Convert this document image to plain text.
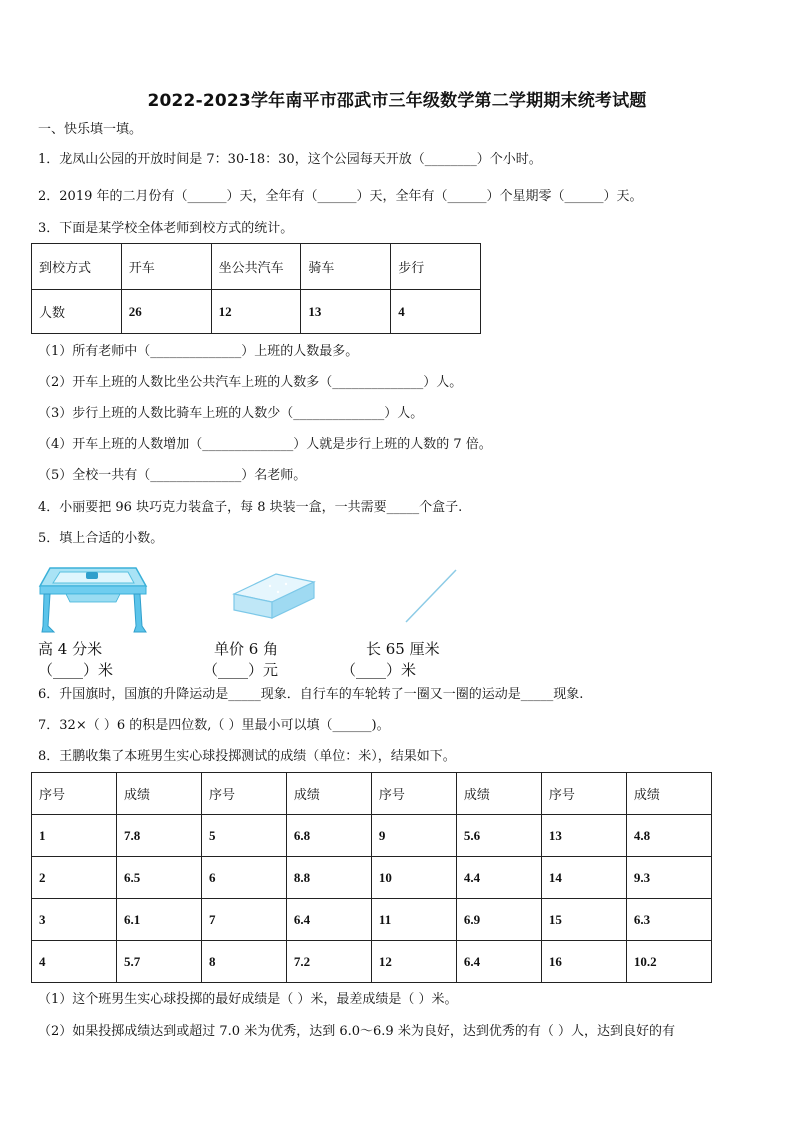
2022-2023学年南平市邵武市三年级数学第二学期期末统考试题
一、快乐填一填。
1．龙凤山公园的开放时间是 7：30-18：30，这个公园每天开放（________）个小时。
2．2019 年的二月份有（______）天，全年有（______）天，全年有（______）个星期零（______）天。
3．下面是某学校全体老师到校方式的统计。
到校方式	开车	坐公共汽车	骑车	步行
人数	26	12	13	4
（1）所有老师中（______________）上班的人数最多。
（2）开车上班的人数比坐公共汽车上班的人数多（______________）人。
（3）步行上班的人数比骑车上班的人数少（______________）人。
（4）开车上班的人数增加（______________）人就是步行上班的人数的 7 倍。
（5）全校一共有（______________）名老师。
4．小丽要把 96 块巧克力装盒子，每 8 块装一盒，一共需要_____个盒子.
5．填上合适的小数。
高 4 分米	单价 6 角	长 65 厘米
（____）米	（____）元	（____）米
6．升国旗时，国旗的升降运动是_____现象．自行车的车轮转了一圈又一圈的运动是_____现象.
7．32×（ ）6 的积是四位数,（ ）里最小可以填（______)。
8．王鹏收集了本班男生实心球投掷测试的成绩（单位：米），结果如下。
序号	成绩	序号	成绩	序号	成绩	序号	成绩
1	7.8	5	6.8	9	5.6	13	4.8
2	6.5	6	8.8	10	4.4	14	9.3
3	6.1	7	6.4	11	6.9	15	6.3
4	5.7	8	7.2	12	6.4	16	10.2
（1）这个班男生实心球投掷的最好成绩是（ ）米，最差成绩是（ ）米。
（2）如果投掷成绩达到或超过 7.0 米为优秀，达到 6.0～6.9 米为良好，达到优秀的有（ ）人，达到良好的有
